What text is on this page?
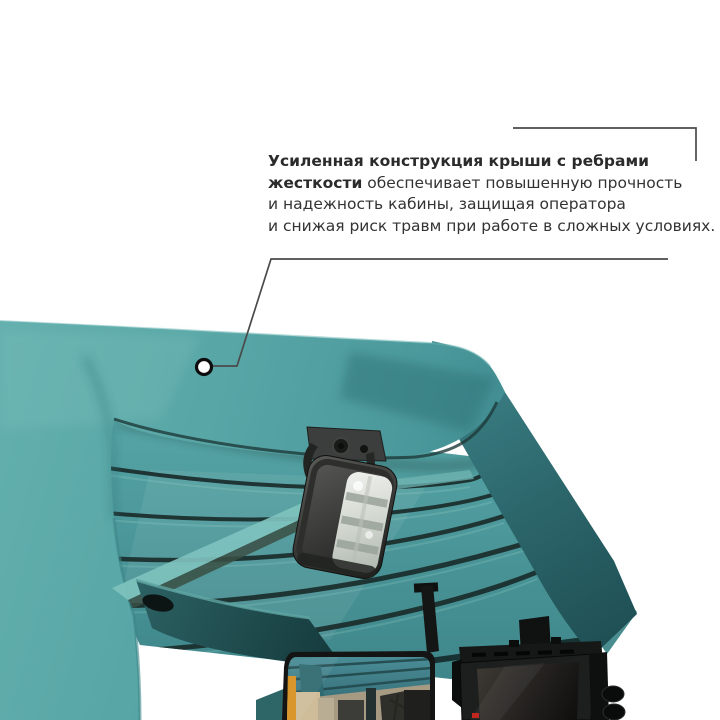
Усиленная конструкция крыши с ребрами
жесткости обеспечивает повышенную прочность
и надежность кабины, защищая оператора
и снижая риск травм при работе в сложных условиях.
